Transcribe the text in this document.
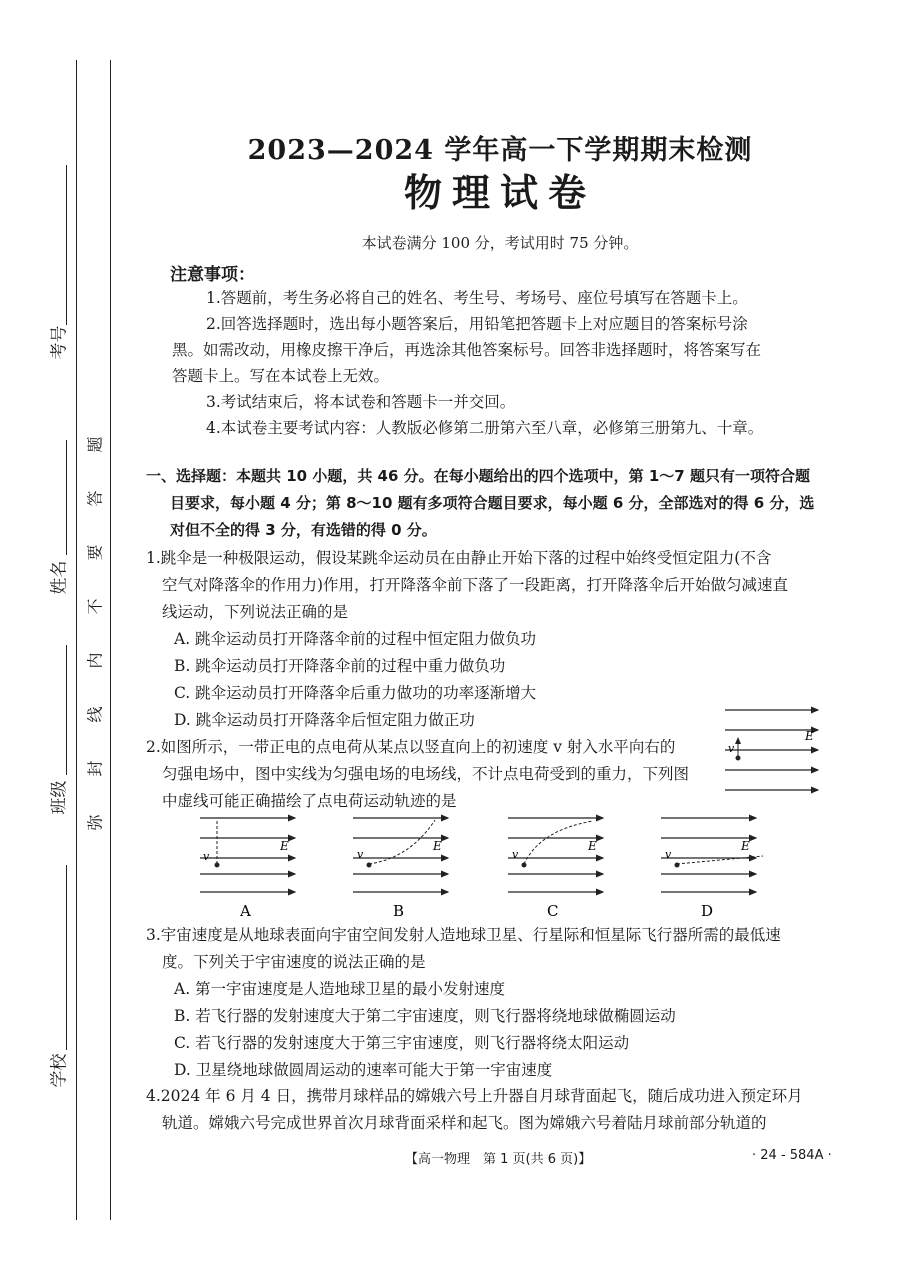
考号
姓名
班级
学校
题
答
要
不
内
线
封
弥
2023—2024 学年高一下学期期末检测
物理试卷
本试卷满分 100 分，考试用时 75 分钟。
注意事项：
1.答题前，考生务必将自己的姓名、考生号、考场号、座位号填写在答题卡上。
2.回答选择题时，选出每小题答案后，用铅笔把答题卡上对应题目的答案标号涂
黑。如需改动，用橡皮擦干净后，再选涂其他答案标号。回答非选择题时，将答案写在
答题卡上。写在本试卷上无效。
3.考试结束后，将本试卷和答题卡一并交回。
4.本试卷主要考试内容：人教版必修第二册第六至八章，必修第三册第九、十章。
一、选择题：本题共 10 小题，共 46 分。在每小题给出的四个选项中，第 1～7 题只有一项符合题
目要求，每小题 4 分；第 8～10 题有多项符合题目要求，每小题 6 分，全部选对的得 6 分，选
对但不全的得 3 分，有选错的得 0 分。
1.跳伞是一种极限运动，假设某跳伞运动员在由静止开始下落的过程中始终受恒定阻力(不含
空气对降落伞的作用力)作用，打开降落伞前下落了一段距离，打开降落伞后开始做匀减速直
线运动，下列说法正确的是
A. 跳伞运动员打开降落伞前的过程中恒定阻力做负功
B. 跳伞运动员打开降落伞前的过程中重力做负功
C. 跳伞运动员打开降落伞后重力做功的功率逐渐增大
D. 跳伞运动员打开降落伞后恒定阻力做正功
2.如图所示，一带正电的点电荷从某点以竖直向上的初速度 v 射入水平向右的
匀强电场中，图中实线为匀强电场的电场线，不计点电荷受到的重力，下列图
中虚线可能正确描绘了点电荷运动轨迹的是
v
E
v
E
A
v
E
B
v
E
C
v
E
D
3.宇宙速度是从地球表面向宇宙空间发射人造地球卫星、行星际和恒星际飞行器所需的最低速
度。下列关于宇宙速度的说法正确的是
A. 第一宇宙速度是人造地球卫星的最小发射速度
B. 若飞行器的发射速度大于第二宇宙速度，则飞行器将绕地球做椭圆运动
C. 若飞行器的发射速度大于第三宇宙速度，则飞行器将绕太阳运动
D. 卫星绕地球做圆周运动的速率可能大于第一宇宙速度
4.2024 年 6 月 4 日，携带月球样品的嫦娥六号上升器自月球背面起飞，随后成功进入预定环月
轨道。嫦娥六号完成世界首次月球背面采样和起飞。图为嫦娥六号着陆月球前部分轨道的
【高一物理　第 1 页(共 6 页)】	· 24 - 584A ·
